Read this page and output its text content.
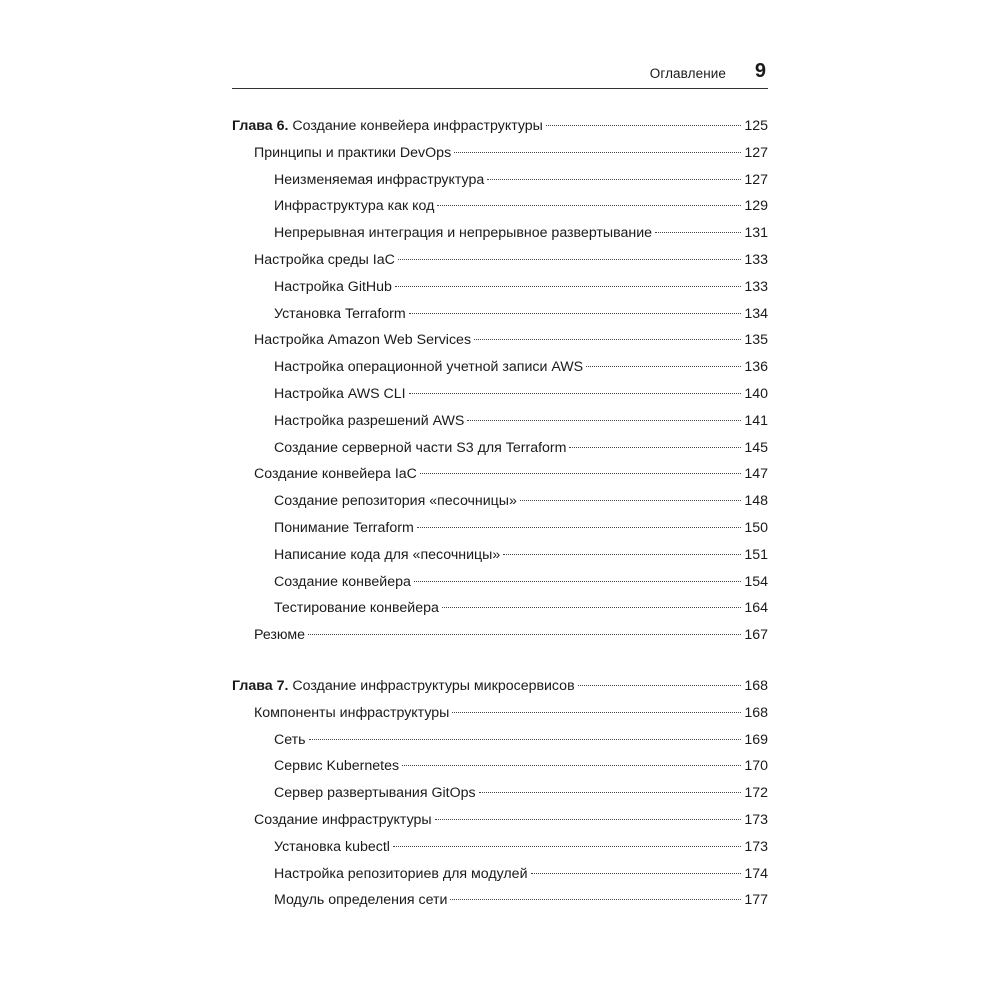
Оглавление 9
Глава 6. Создание конвейера инфраструктуры	125
Принципы и практики DevOps	127
Неизменяемая инфраструктура	127
Инфраструктура как код	129
Непрерывная интеграция и непрерывное развертывание	131
Настройка среды IaC	133
Настройка GitHub	133
Установка Terraform	134
Настройка Amazon Web Services	135
Настройка операционной учетной записи AWS	136
Настройка AWS CLI	140
Настройка разрешений AWS	141
Создание серверной части S3 для Terraform	145
Создание конвейера IaC	147
Создание репозитория «песочницы»	148
Понимание Terraform	150
Написание кода для «песочницы»	151
Создание конвейера	154
Тестирование конвейера	164
Резюме	167
Глава 7. Создание инфраструктуры микросервисов	168
Компоненты инфраструктуры	168
Сеть	169
Сервис Kubernetes	170
Сервер развертывания GitOps	172
Создание инфраструктуры	173
Установка kubectl	173
Настройка репозиториев для модулей	174
Модуль определения сети	177
